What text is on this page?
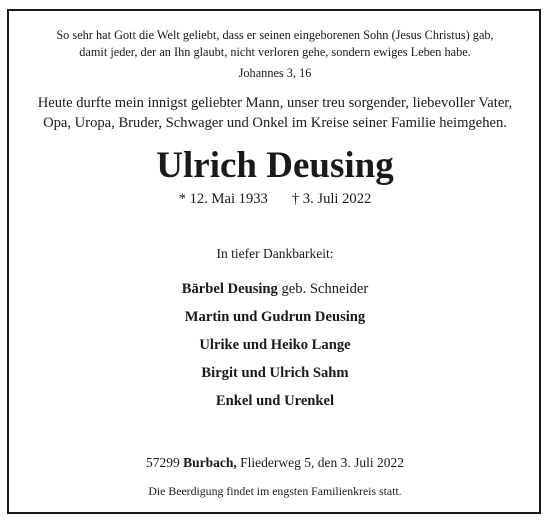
So sehr hat Gott die Welt geliebt, dass er seinen eingeborenen Sohn (Jesus Christus) gab,
damit jeder, der an Ihn glaubt, nicht verloren gehe, sondern ewiges Leben habe.
Johannes 3, 16
Heute durfte mein innigst geliebter Mann, unser treu sorgender, liebevoller Vater,
Opa, Uropa, Bruder, Schwager und Onkel im Kreise seiner Familie heimgehen.
Ulrich Deusing
* 12. Mai 1933 † 3. Juli 2022
In tiefer Dankbarkeit:
Bärbel Deusing geb. Schneider
Martin und Gudrun Deusing
Ulrike und Heiko Lange
Birgit und Ulrich Sahm
Enkel und Urenkel
57299 Burbach, Fliederweg 5, den 3. Juli 2022
Die Beerdigung findet im engsten Familienkreis statt.
